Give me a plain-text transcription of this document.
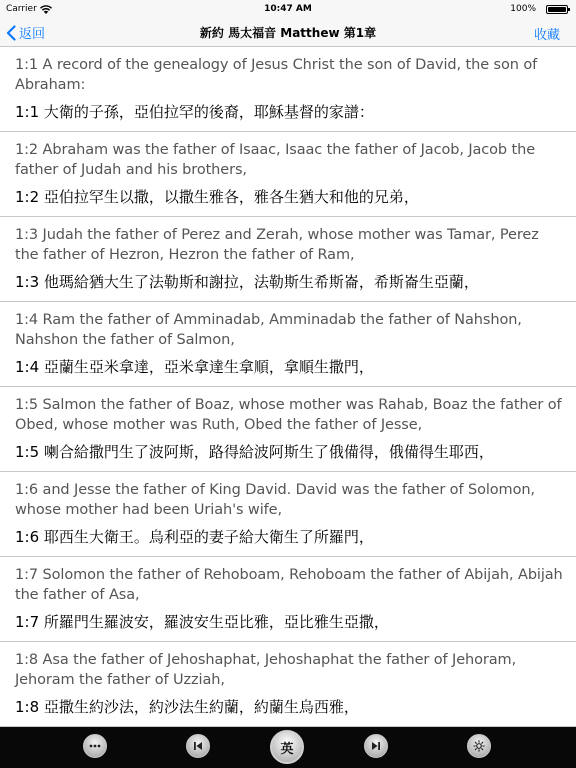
Carrier	10:47 AM	100%
返回	新約 馬太福音 Matthew 第1章	收藏
1:1 A record of the genealogy of Jesus Christ the son of David, the son of Abraham:
1:1 大衛的子孫，亞伯拉罕的後裔，耶穌基督的家譜：
1:2 Abraham was the father of Isaac, Isaac the father of Jacob, Jacob the father of Judah and his brothers,
1:2 亞伯拉罕生以撒，以撒生雅各，雅各生猶大和他的兄弟，
1:3 Judah the father of Perez and Zerah, whose mother was Tamar, Perez the father of Hezron, Hezron the father of Ram,
1:3 他瑪給猶大生了法勒斯和謝拉，法勒斯生希斯崙，希斯崙生亞蘭，
1:4 Ram the father of Amminadab, Amminadab the father of Nahshon, Nahshon the father of Salmon,
1:4 亞蘭生亞米拿達，亞米拿達生拿順，拿順生撒門，
1:5 Salmon the father of Boaz, whose mother was Rahab, Boaz the father of Obed, whose mother was Ruth, Obed the father of Jesse,
1:5 喇合給撒門生了波阿斯，路得給波阿斯生了俄備得，俄備得生耶西，
1:6 and Jesse the father of King David. David was the father of Solomon, whose mother had been Uriah's wife,
1:6 耶西生大衛王。烏利亞的妻子給大衛生了所羅門，
1:7 Solomon the father of Rehoboam, Rehoboam the father of Abijah, Abijah the father of Asa,
1:7 所羅門生羅波安，羅波安生亞比雅，亞比雅生亞撒，
1:8 Asa the father of Jehoshaphat, Jehoshaphat the father of Jehoram, Jehoram the father of Uzziah,
1:8 亞撒生約沙法，約沙法生約蘭，約蘭生烏西雅，
英
